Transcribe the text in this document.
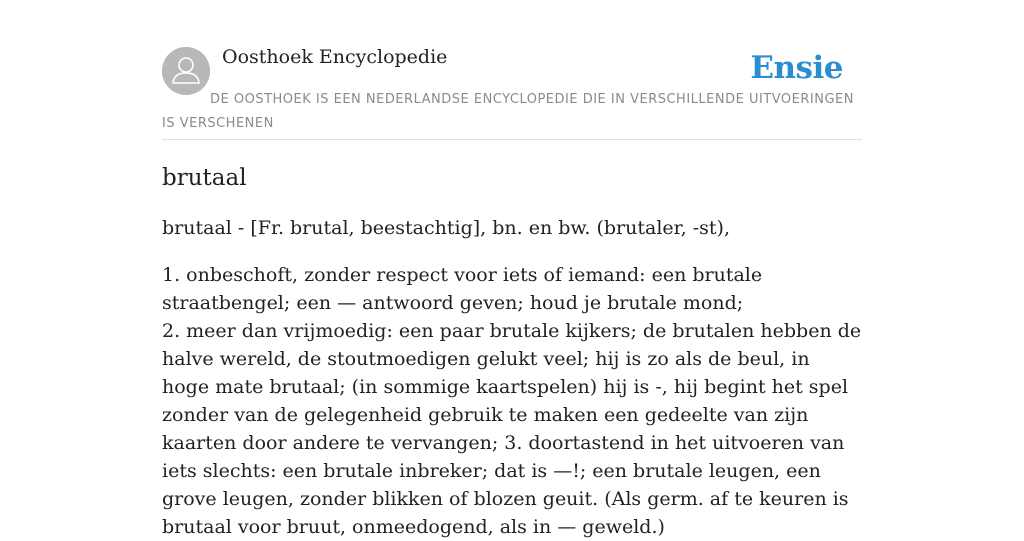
Oosthoek Encyclopedie	Ensie
DE OOSTHOEK IS EEN NEDERLANDSE ENCYCLOPEDIE DIE IN VERSCHILLENDE UITVOERINGEN IS VERSCHENEN
brutaal

brutaal - [Fr. brutal, beestachtig], bn. en bw. (brutaler, -st),

1. onbeschoft, zonder respect voor iets of iemand: een brutale straatbengel; een — antwoord geven; houd je brutale mond;
2. meer dan vrijmoedig: een paar brutale kijkers; de brutalen hebben de halve wereld, de stoutmoedigen gelukt veel; hij is zo als de beul, in hoge mate brutaal; (in sommige kaartspelen) hij is -, hij begint het spel zonder van de gelegenheid gebruik te maken een gedeelte van zijn kaarten door andere te vervangen; 3. doortastend in het uitvoeren van iets slechts: een brutale inbreker; dat is —!; een brutale leugen, een grove leugen, zonder blikken of blozen geuit. (Als germ. af te keuren is brutaal voor bruut, onmeedogend, als in — geweld.)
